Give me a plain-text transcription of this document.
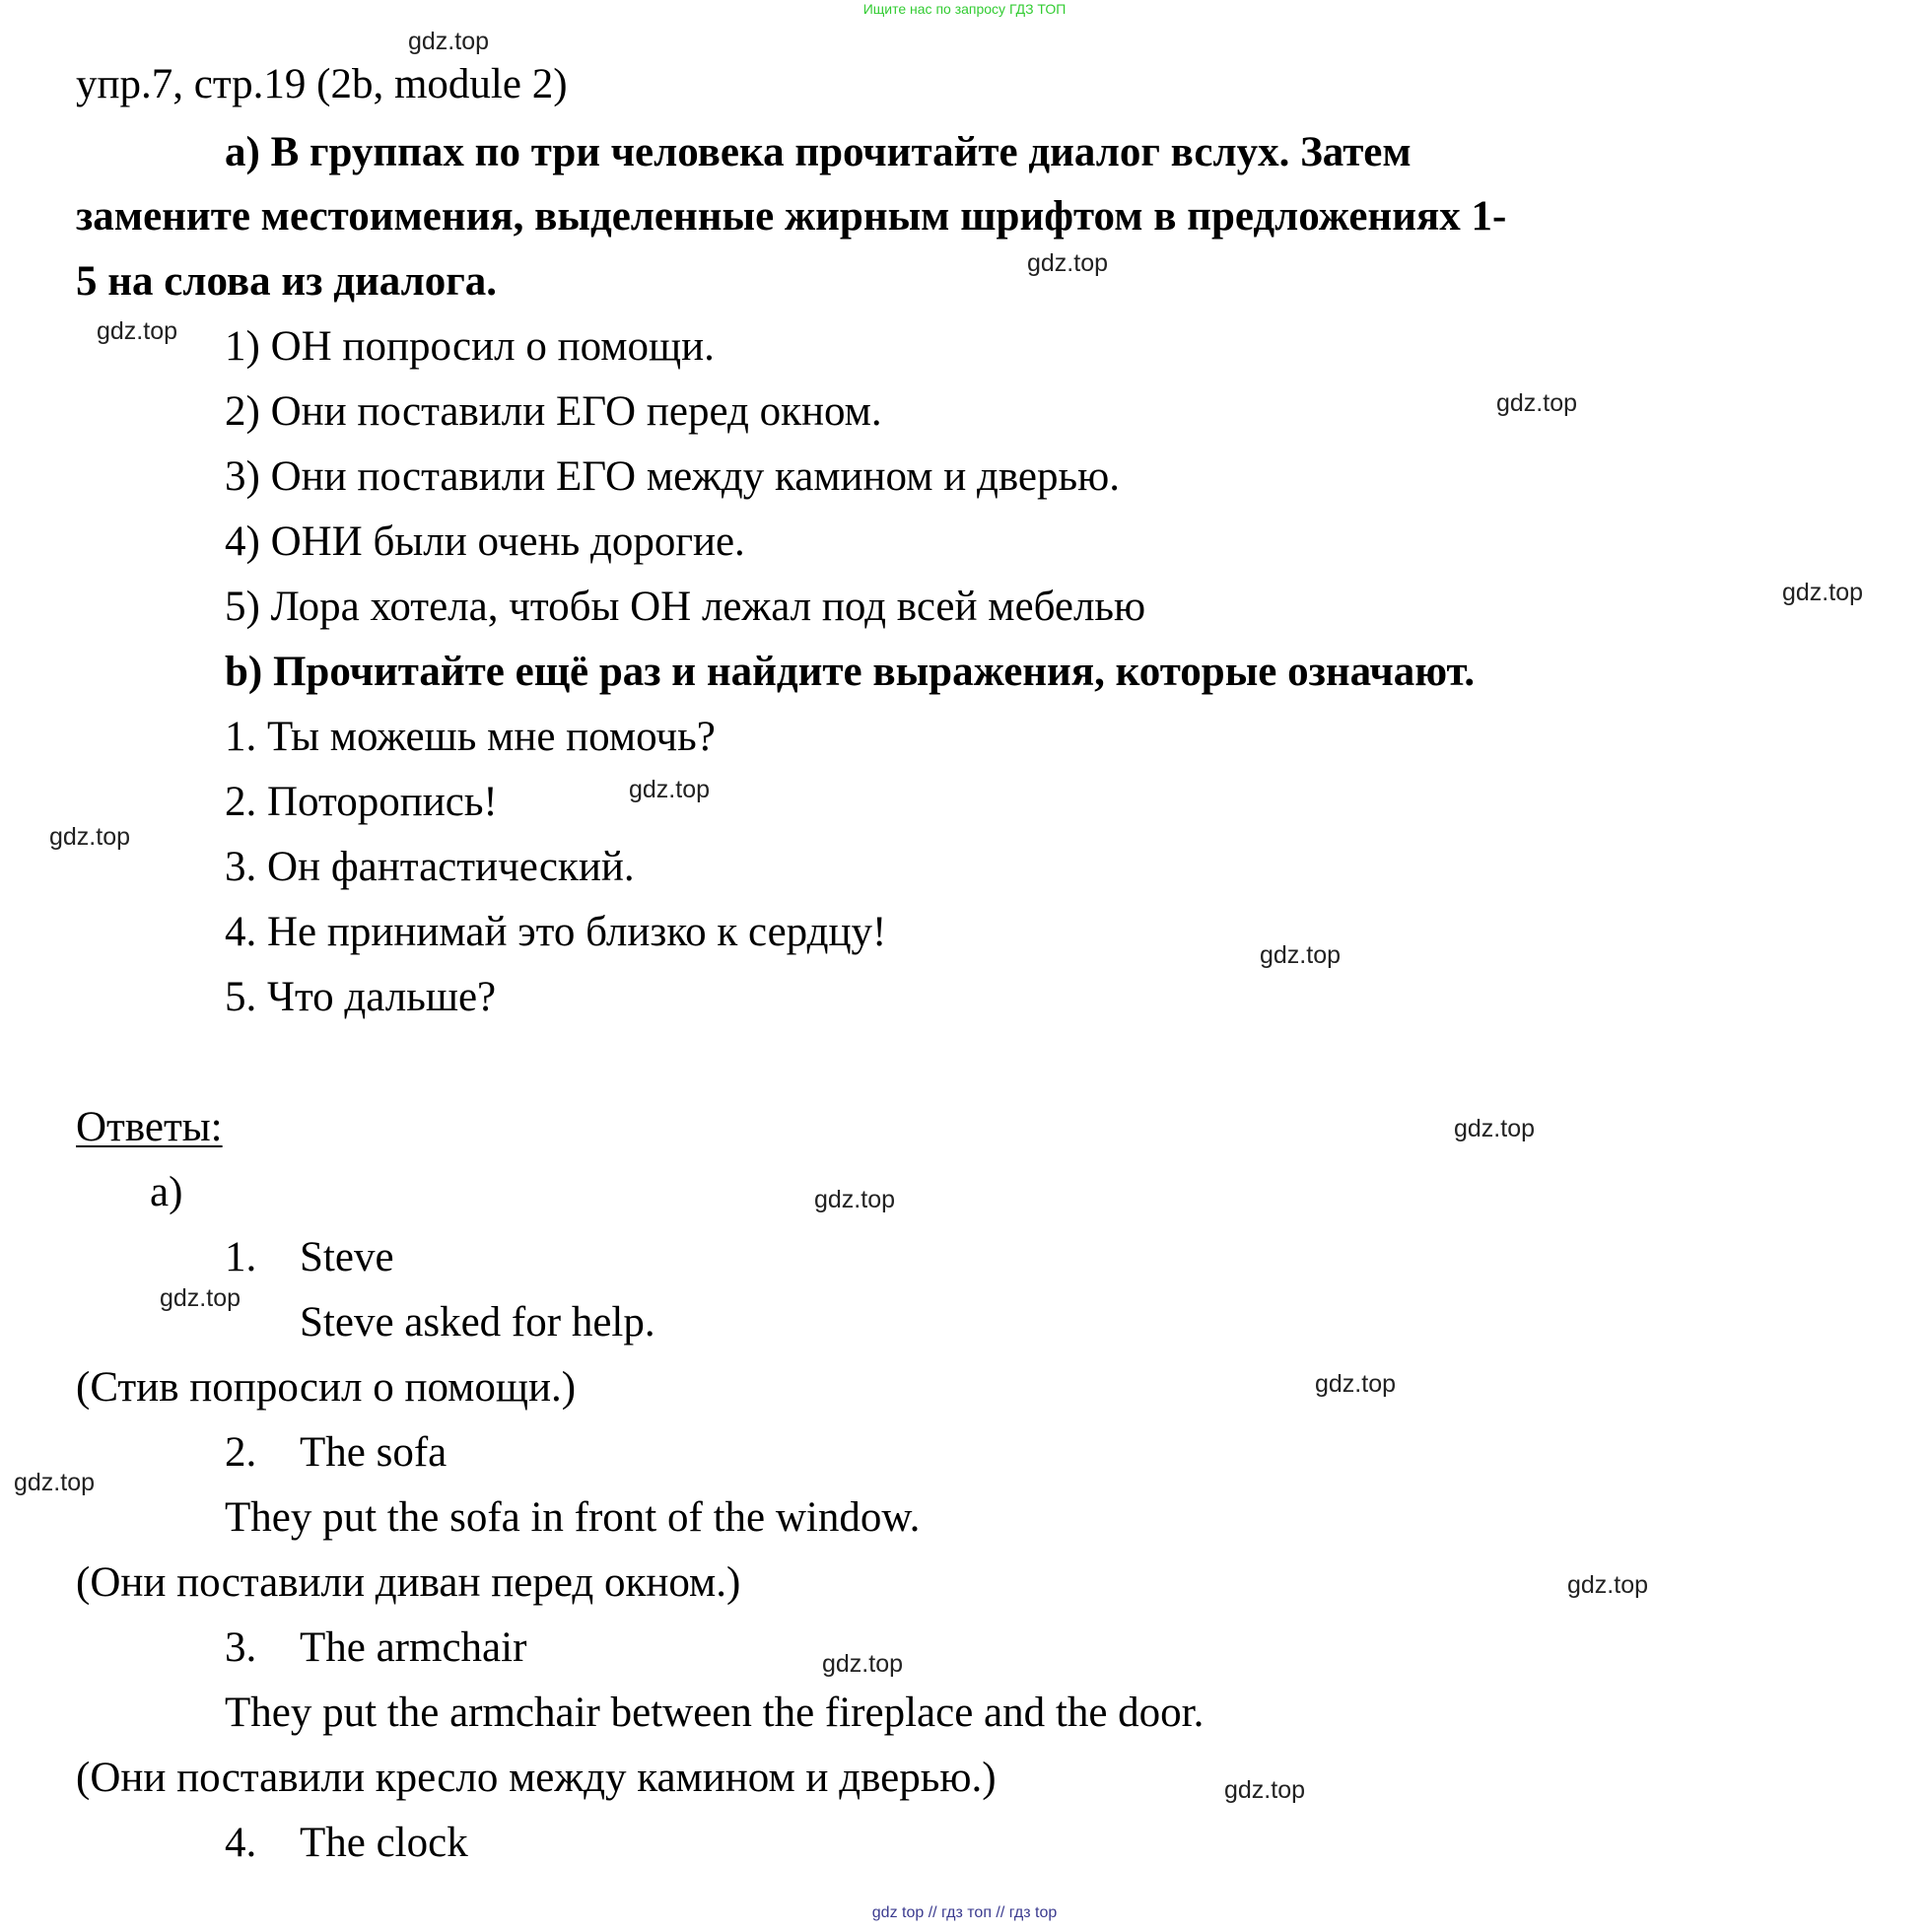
Ищите нас по запросу ГДЗ ТОП
gdz.top
gdz.top
gdz.top
gdz.top
gdz.top
gdz.top
gdz.top
gdz.top
gdz.top
gdz.top
gdz.top
gdz.top
gdz.top
gdz.top
gdz.top
gdz.top
упр.7, стр.19 (2b, module 2)
a) В группах по три человека прочитайте диалог вслух. Затем
замените местоимения, выделенные жирным шрифтом в предложениях 1-
5 на слова из диалога.
1) ОН попросил о помощи.
2) Они поставили ЕГО перед окном.
3) Они поставили ЕГО между камином и дверью.
4) ОНИ были очень дорогие.
5) Лора хотела, чтобы ОН лежал под всей мебелью
b) Прочитайте ещё раз и найдите выражения, которые означают.
1. Ты можешь мне помочь?
2. Поторопись!
3. Он фантастический.
4. Не принимай это близко к сердцу!
5. Что дальше?
Ответы:
а)
1. Steve
Steve asked for help.
(Стив попросил о помощи.)
2. The sofa
They put the sofa in front of the window.
(Они поставили диван перед окном.)
3. The armchair
They put the armchair between the fireplace and the door.
(Они поставили кресло между камином и дверью.)
4. The clock
gdz top // гдз топ // гдз top
